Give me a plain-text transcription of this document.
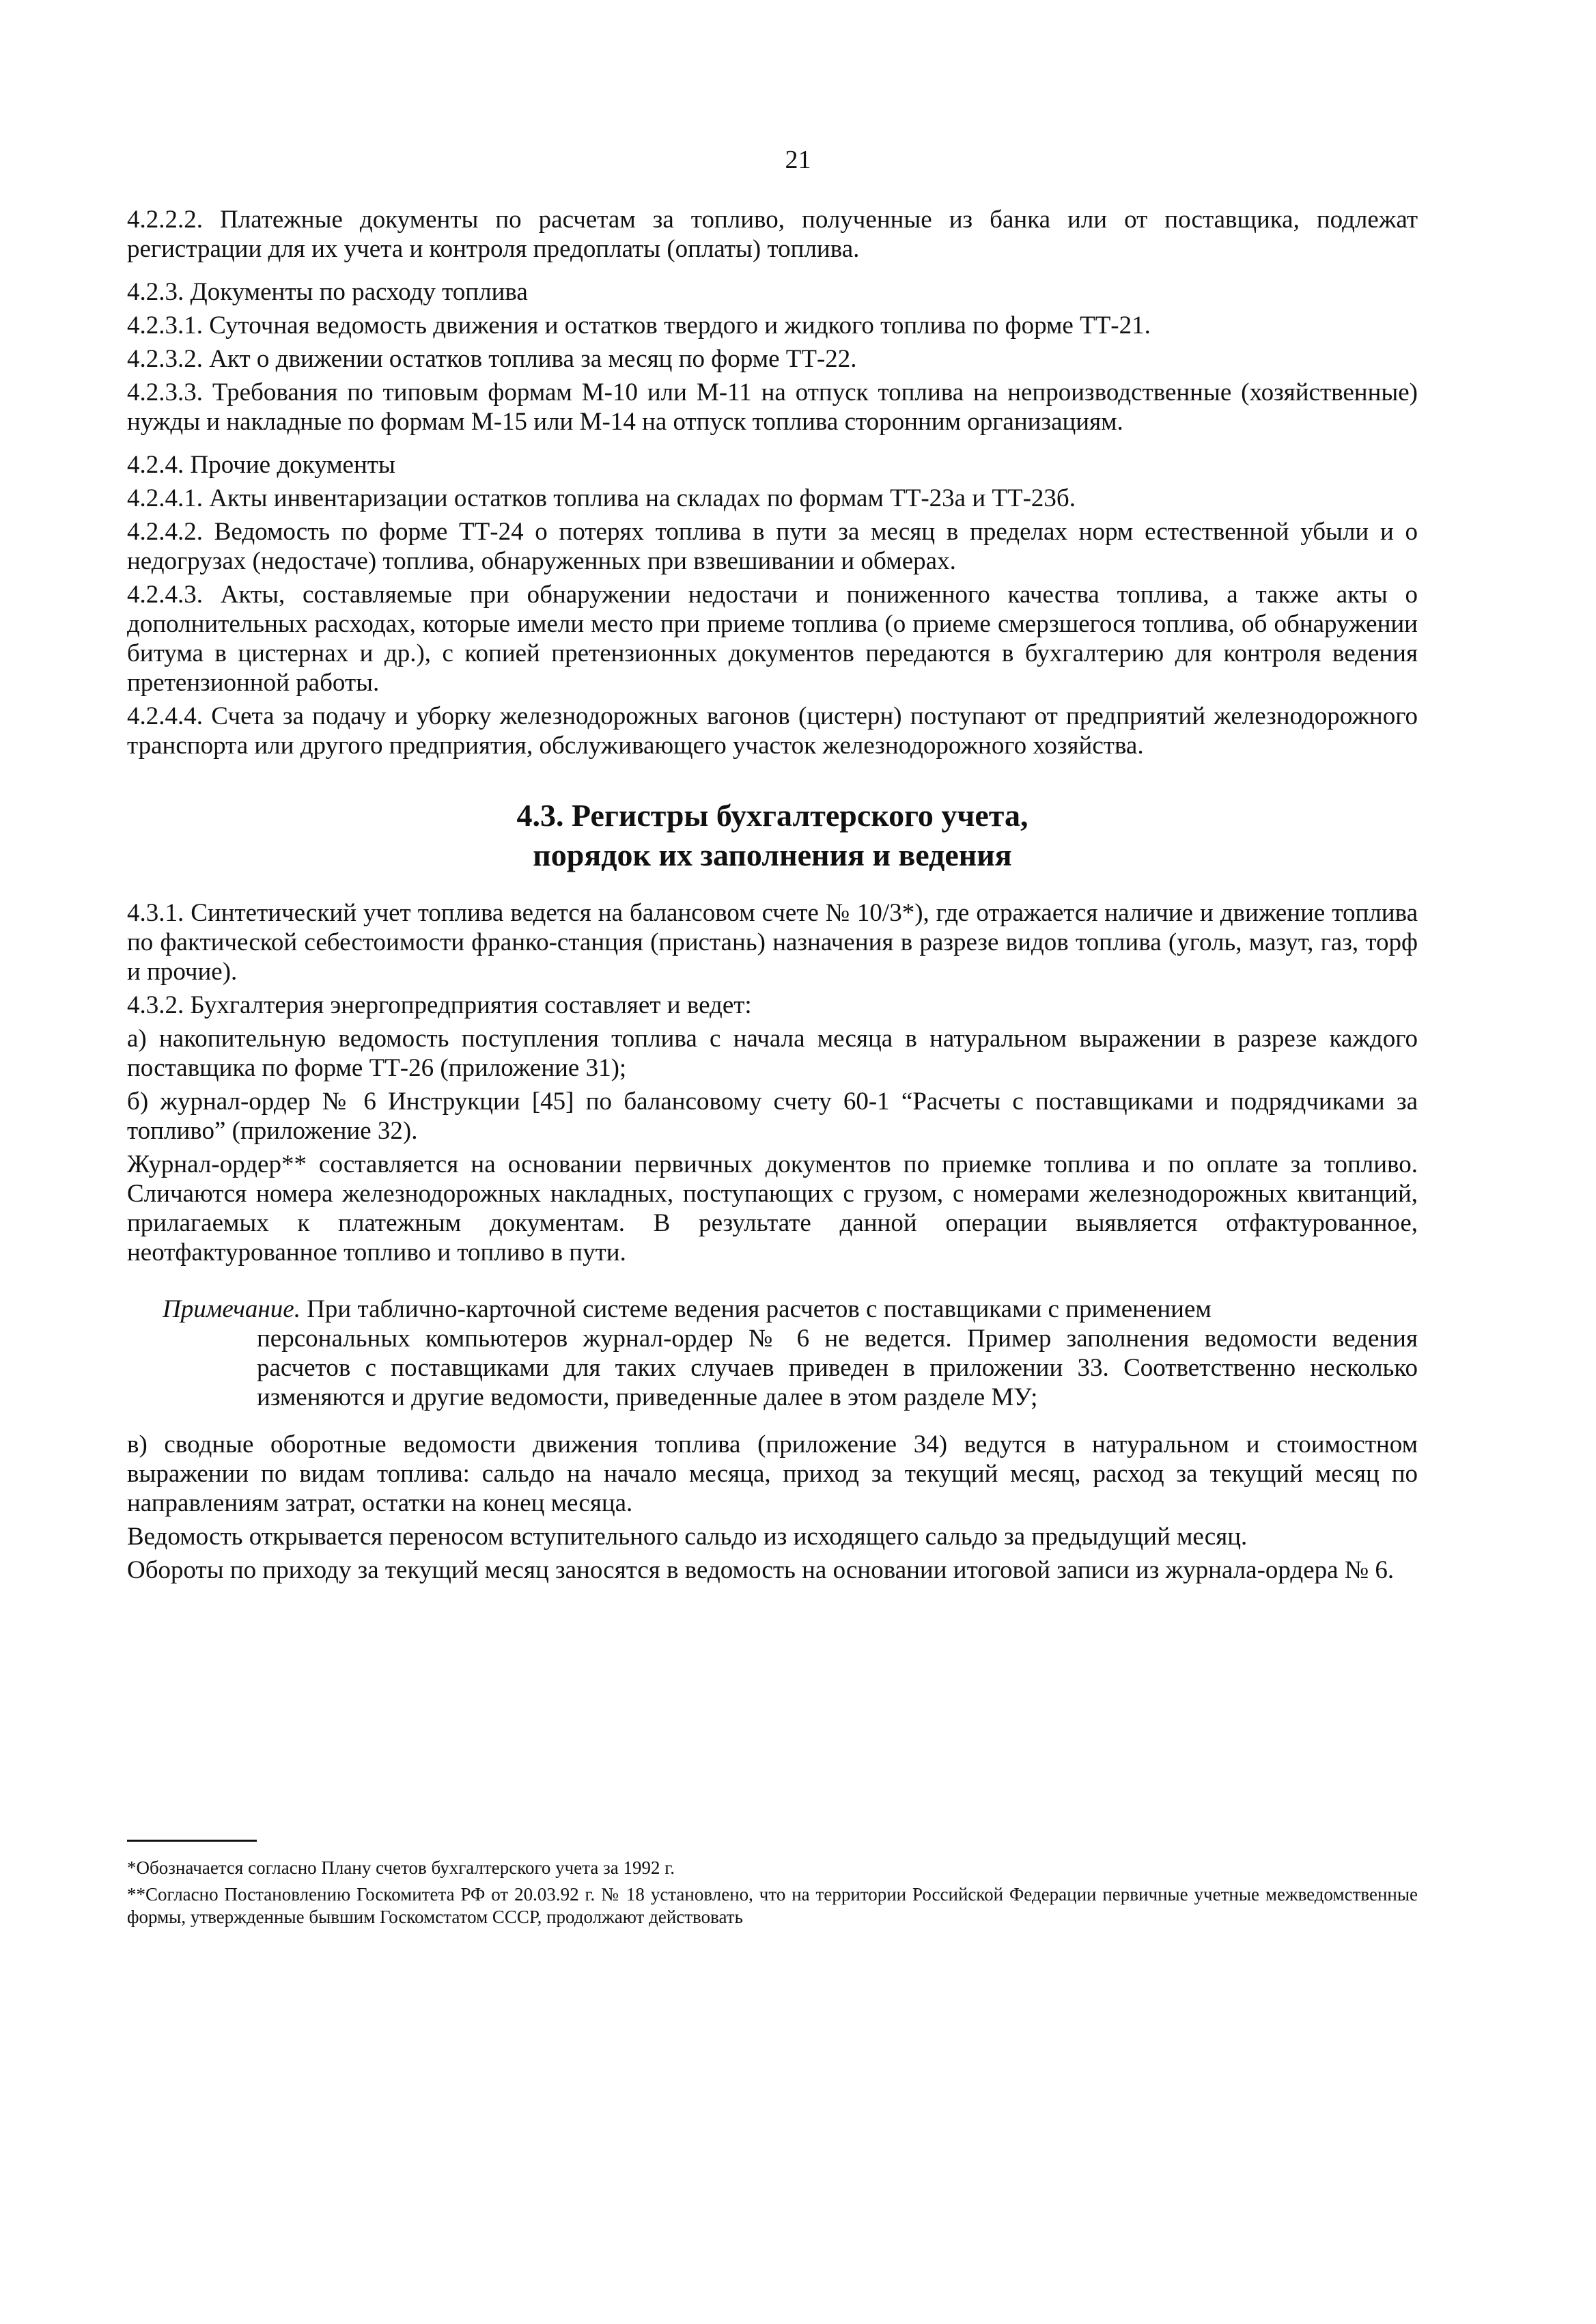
21

4.2.2.2. Платежные документы по расчетам за топливо, полученные из банка или от поставщика, подлежат регистрации для их учета и контроля предоплаты (оплаты) топлива.

4.2.3. Документы по расходу топлива

4.2.3.1. Суточная ведомость движения и остатков твердого и жидкого топлива по форме ТТ-21.

4.2.3.2. Акт о движении остатков топлива за месяц по форме ТТ-22.

4.2.3.3. Требования по типовым формам М-10 или М-11 на отпуск топлива на непроизводственные (хозяйственные) нужды и накладные по формам М-15 или М-14 на отпуск топлива сторонним организациям.

4.2.4. Прочие документы

4.2.4.1. Акты инвентаризации остатков топлива на складах по формам ТТ-23а и ТТ-23б.

4.2.4.2. Ведомость по форме ТТ-24 о потерях топлива в пути за месяц в пределах норм естественной убыли и о недогрузах (недостаче) топлива, обнаруженных при взвешивании и обмерах.

4.2.4.3. Акты, составляемые при обнаружении недостачи и пониженного качества топлива, а также акты о дополнительных расходах, которые имели место при приеме топлива (о приеме смерзшегося топлива, об обнаружении битума в цистернах и др.), с копией претензионных документов передаются в бухгалтерию для контроля ведения претензионной работы.

4.2.4.4. Счета за подачу и уборку железнодорожных вагонов (цистерн) поступают от предприятий железнодорожного транспорта или другого предприятия, обслуживающего участок железнодорожного хозяйства.

4.3. Регистры бухгалтерского учета,
порядок их заполнения и ведения

4.3.1. Синтетический учет топлива ведется на балансовом счете № 10/3*), где отражается наличие и движение топлива по фактической себестоимости франко-станция (пристань) назначения в разрезе видов топлива (уголь, мазут, газ, торф и прочие).

4.3.2. Бухгалтерия энергопредприятия составляет и ведет:

а) накопительную ведомость поступления топлива с начала месяца в натуральном выражении в разрезе каждого поставщика по форме ТТ-26 (приложение 31);

б) журнал-ордер № 6 Инструкции [45] по балансовому счету 60-1 “Расчеты с поставщиками и подрядчиками за топливо” (приложение 32).

Журнал-ордер** составляется на основании первичных документов по приемке топлива и по оплате за топливо. Сличаются номера железнодорожных накладных, поступающих с грузом, с номерами железнодорожных квитанций, прилагаемых к платежным документам. В результате данной операции выявляется отфактурованное, неотфактурованное топливо и топливо в пути.

Примечание. При таблично-карточной системе ведения расчетов с поставщиками с применением
персональных компьютеров журнал-ордер № 6 не ведется. Пример заполнения ведомости ведения расчетов с поставщиками для таких случаев приведен в приложении 33. Соответственно несколько изменяются и другие ведомости, приведенные далее в этом разделе МУ;

в) сводные оборотные ведомости движения топлива (приложение 34) ведутся в натуральном и стоимостном выражении по видам топлива: сальдо на начало месяца, приход за текущий месяц, расход за текущий месяц по направлениям затрат, остатки на конец месяца.

Ведомость открывается переносом вступительного сальдо из исходящего сальдо за предыдущий месяц.

Обороты по приходу за текущий месяц заносятся в ведомость на основании итоговой записи из журнала-ордера № 6.

*Обозначается согласно Плану счетов бухгалтерского учета за 1992 г.

**Согласно Постановлению Госкомитета РФ от 20.03.92 г. № 18 установлено, что на территории Российской Федерации первичные учетные межведомственные формы, утвержденные бывшим Госкомстатом СССР, продолжают действовать
